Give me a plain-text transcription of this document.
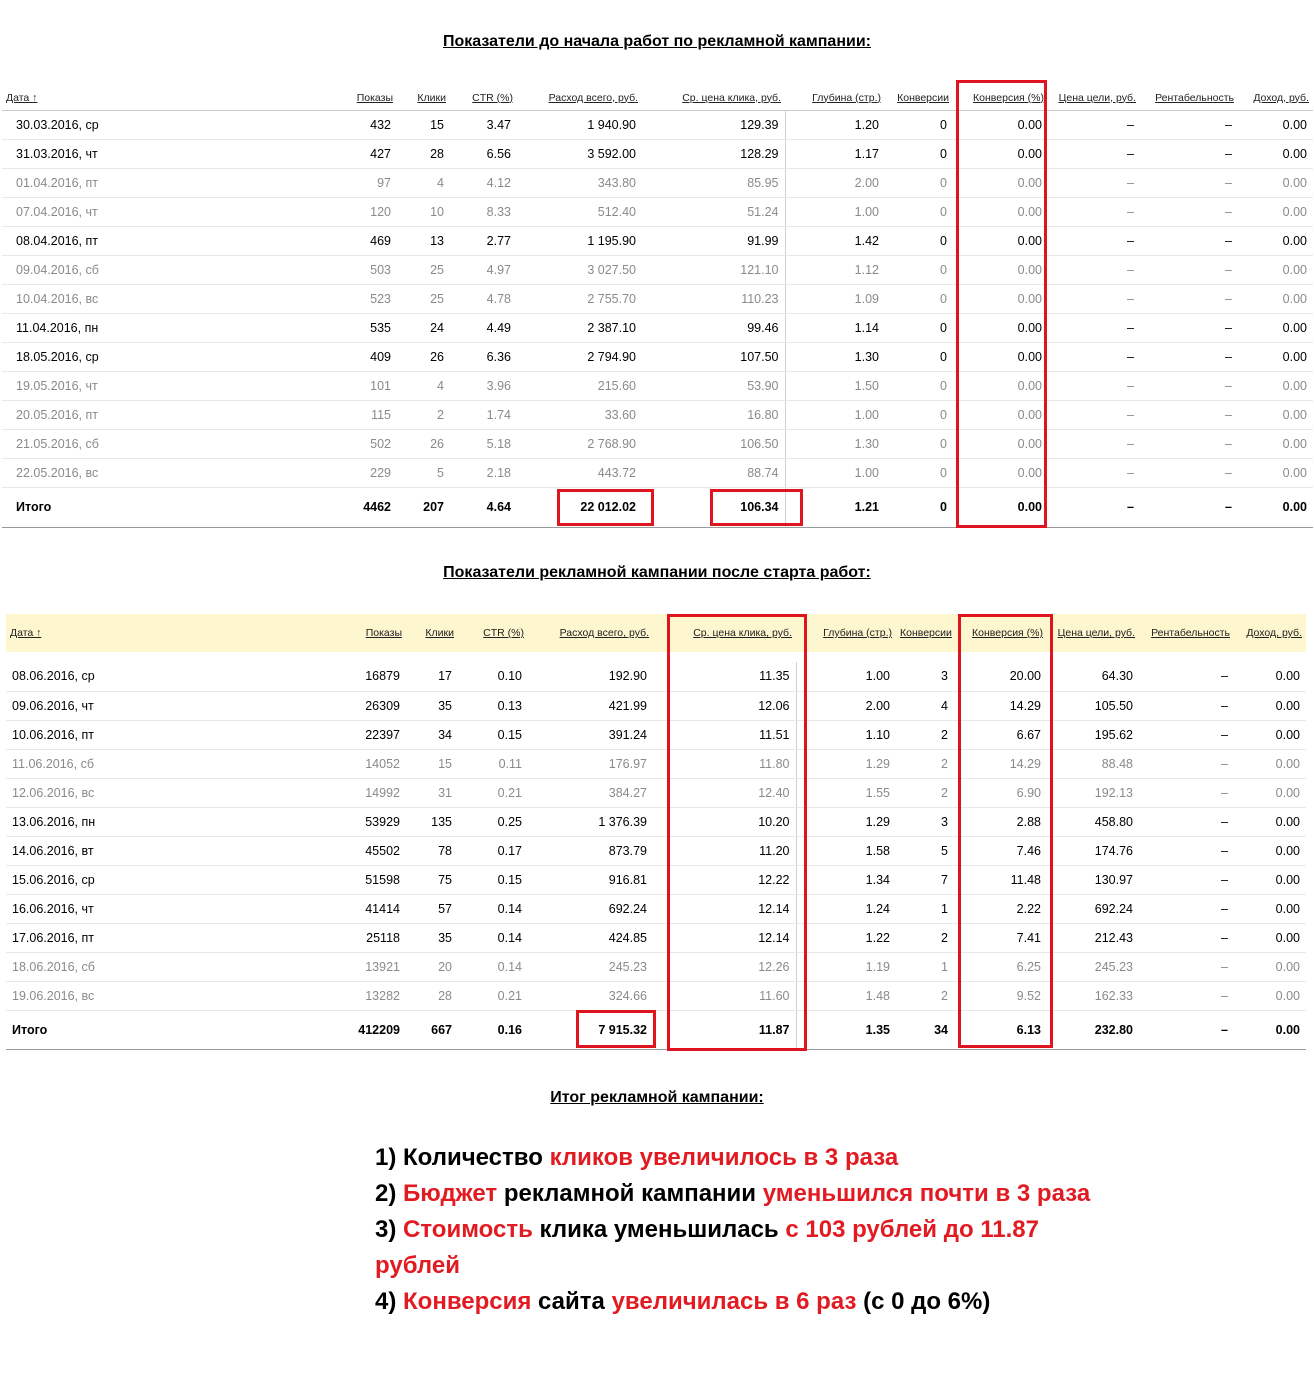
Показатели до начала работ по рекламной кампании:
Дата ↑	Показы	Клики	CTR (%)	Расход всего, руб.	Ср. цена клика, руб.	Глубина (стр.)	Конверсии	Конверсия (%)	Цена цели, руб.	Рентабельность	Доход, руб.
30.03.2016, ср	432	15	3.47	1 940.90	129.39	1.20	0	0.00	–	–	0.00
31.03.2016, чт	427	28	6.56	3 592.00	128.29	1.17	0	0.00	–	–	0.00
01.04.2016, пт	97	4	4.12	343.80	85.95	2.00	0	0.00	–	–	0.00
07.04.2016, чт	120	10	8.33	512.40	51.24	1.00	0	0.00	–	–	0.00
08.04.2016, пт	469	13	2.77	1 195.90	91.99	1.42	0	0.00	–	–	0.00
09.04.2016, сб	503	25	4.97	3 027.50	121.10	1.12	0	0.00	–	–	0.00
10.04.2016, вс	523	25	4.78	2 755.70	110.23	1.09	0	0.00	–	–	0.00
11.04.2016, пн	535	24	4.49	2 387.10	99.46	1.14	0	0.00	–	–	0.00
18.05.2016, ср	409	26	6.36	2 794.90	107.50	1.30	0	0.00	–	–	0.00
19.05.2016, чт	101	4	3.96	215.60	53.90	1.50	0	0.00	–	–	0.00
20.05.2016, пт	115	2	1.74	33.60	16.80	1.00	0	0.00	–	–	0.00
21.05.2016, сб	502	26	5.18	2 768.90	106.50	1.30	0	0.00	–	–	0.00
22.05.2016, вс	229	5	2.18	443.72	88.74	1.00	0	0.00	–	–	0.00
Итого	4462	207	4.64	22 012.02	106.34	1.21	0	0.00	–	–	0.00
Показатели рекламной кампании после старта работ:
Дата ↑	Показы	Клики	CTR (%)	Расход всего, руб.	Ср. цена клика, руб.	Глубина (стр.)	Конверсии	Конверсия (%)	Цена цели, руб.	Рентабельность	Доход, руб.

08.06.2016, ср	16879	17	0.10	192.90	11.35	1.00	3	20.00	64.30	–	0.00
09.06.2016, чт	26309	35	0.13	421.99	12.06	2.00	4	14.29	105.50	–	0.00
10.06.2016, пт	22397	34	0.15	391.24	11.51	1.10	2	6.67	195.62	–	0.00
11.06.2016, сб	14052	15	0.11	176.97	11.80	1.29	2	14.29	88.48	–	0.00
12.06.2016, вс	14992	31	0.21	384.27	12.40	1.55	2	6.90	192.13	–	0.00
13.06.2016, пн	53929	135	0.25	1 376.39	10.20	1.29	3	2.88	458.80	–	0.00
14.06.2016, вт	45502	78	0.17	873.79	11.20	1.58	5	7.46	174.76	–	0.00
15.06.2016, ср	51598	75	0.15	916.81	12.22	1.34	7	11.48	130.97	–	0.00
16.06.2016, чт	41414	57	0.14	692.24	12.14	1.24	1	2.22	692.24	–	0.00
17.06.2016, пт	25118	35	0.14	424.85	12.14	1.22	2	7.41	212.43	–	0.00
18.06.2016, сб	13921	20	0.14	245.23	12.26	1.19	1	6.25	245.23	–	0.00
19.06.2016, вс	13282	28	0.21	324.66	11.60	1.48	2	9.52	162.33	–	0.00
Итого	412209	667	0.16	7 915.32	11.87	1.35	34	6.13	232.80	–	0.00
Итог рекламной кампании:

1) Количество кликов увеличилось в 3 раза

2) Бюджет рекламной кампании уменьшился почти в 3 раза

3) Стоимость клика уменьшилась с 103 рублей до 11.87 рублей

4) Конверсия сайта увеличилась в 6 раз (с 0 до 6%)
